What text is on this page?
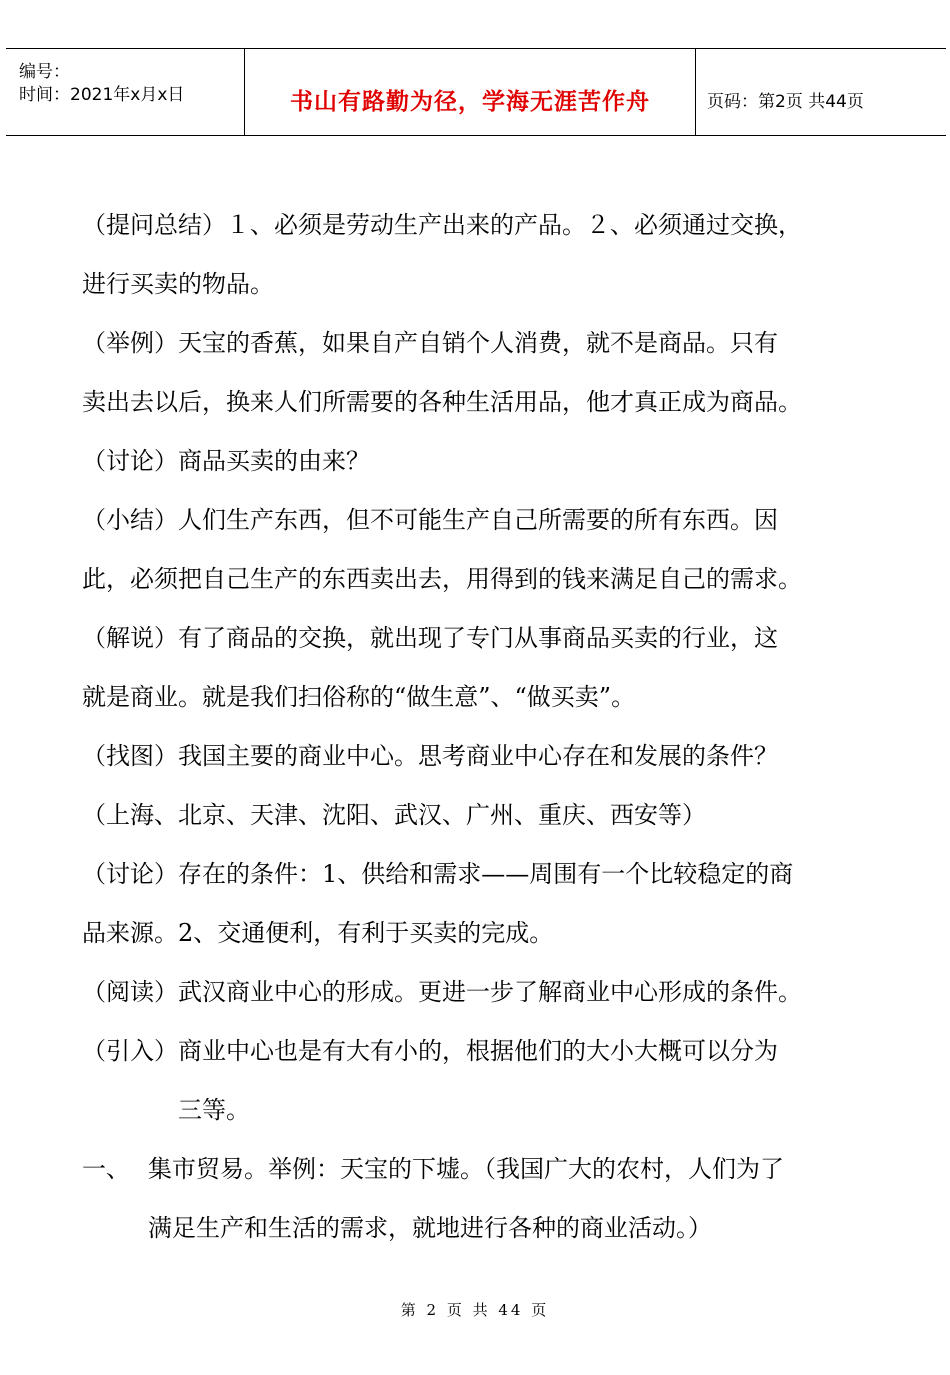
编号：
时间：2021年x月x日	书山有路勤为径，学海无涯苦作舟	页码：第2页 共44页

（提问总结）１、必须是劳动生产出来的产品。２、必须通过交换，

进行买卖的物品。

（举例）天宝的香蕉，如果自产自销个人消费，就不是商品。只有

卖出去以后，换来人们所需要的各种生活用品，他才真正成为商品。

（讨论）商品买卖的由来？

（小结）人们生产东西，但不可能生产自己所需要的所有东西。因

此，必须把自己生产的东西卖出去，用得到的钱来满足自己的需求。

（解说）有了商品的交换，就出现了专门从事商品买卖的行业，这

就是商业。就是我们扫俗称的“做生意”、“做买卖”。

（找图）我国主要的商业中心。思考商业中心存在和发展的条件？

（上海、北京、天津、沈阳、武汉、广州、重庆、西安等）

（讨论）存在的条件：1、供给和需求——周围有一个比较稳定的商

品来源。2、交通便利，有利于买卖的完成。

（阅读）武汉商业中心的形成。更进一步了解商业中心形成的条件。

（引入） 商业中心也是有大有小的，根据他们的大小大概可以分为
三等。
一、 集市贸易。举例：天宝的下墟。（我国广大的农村，人们为了
满足生产和生活的需求，就地进行各种的商业活动。）
第 2 页 共 44 页
